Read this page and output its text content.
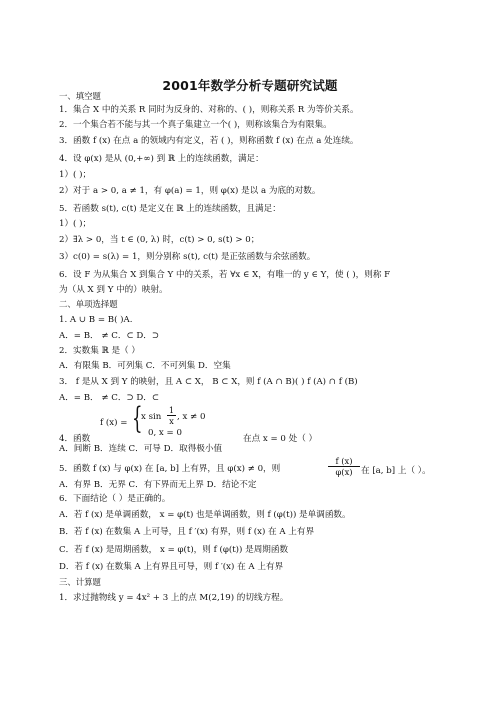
2001年数学分析专题研究试题
一、填空题
1．集合 X 中的关系 R 同时为反身的、对称的、( )，则称关系 R 为等价关系。
2．一个集合若不能与其一个真子集建立一个( )，则称该集合为有限集。
3．函数 f (x) 在点 a 的领域内有定义，若 ( )，则称函数 f (x) 在点 a 处连续。
4．设 φ(x) 是从 (0,+∞) 到 ℝ 上的连续函数，满足：
1）( )；
2）对于 a > 0, a ≠ 1，有 φ(a) = 1，则 φ(x) 是以 a 为底的对数。
5．若函数 s(t), c(t) 是定义在 ℝ 上的连续函数，且满足：
1）( )；
2）∃λ > 0，当 t ∈ (0, λ) 时，c(t) > 0, s(t) > 0；
3）c(0) = s(λ) = 1，则分别称 s(t), c(t) 是正弦函数与余弦函数。
6．设 F 为从集合 X 到集合 Y 中的关系，若 ∀x ∈ X，有唯一的 y ∈ Y，使 ( )，则称 F
为（从 X 到 Y 中的）映射。
二、单项选择题
1. A ∪ B = B( )A.
A．= B． ≠ C．⊂ D．⊃
2．实数集 ℝ 是（ ）
A．有限集 B．可列集 C．不可列集 D．空集
3． f 是从 X 到 Y 的映射，且 A ⊂ X， B ⊂ X，则 f (A ∩ B)( ) f (A) ∩ f (B)
A．= B． ≠ C．⊃ D．⊂
4．函数
f (x) = {
x $\sin \frac{1}{x}$ , x ≠ 0
0, x = 0
在点 x = 0 处（ ）
A．间断 B．连续 C．可导 D．取得极小值
$\frac{f (x)}{\varphi(x)}$
5．函数 f (x) 与 φ(x) 在 [a, b] 上有界，且 φ(x) ≠ 0，则	在 [a, b] 上（ ）。
A．有界 B．无界 C．有下界而无上界 D．结论不定
6．下面结论（ ）是正确的。
A．若 f (x) 是单调函数， x = φ(t) 也是单调函数，则 f (φ(t)) 是单调函数。
B．若 f (x) 在数集 A 上可导，且 f ′(x) 有界，则 f (x) 在 A 上有界
C．若 f (x) 是周期函数， x = φ(t)，则 f (φ(t)) 是周期函数
D．若 f (x) 在数集 A 上有界且可导，则 f ′(x) 在 A 上有界
三、计算题
1．求过抛物线 y = 4x² + 3 上的点 M(2,19) 的切线方程。
